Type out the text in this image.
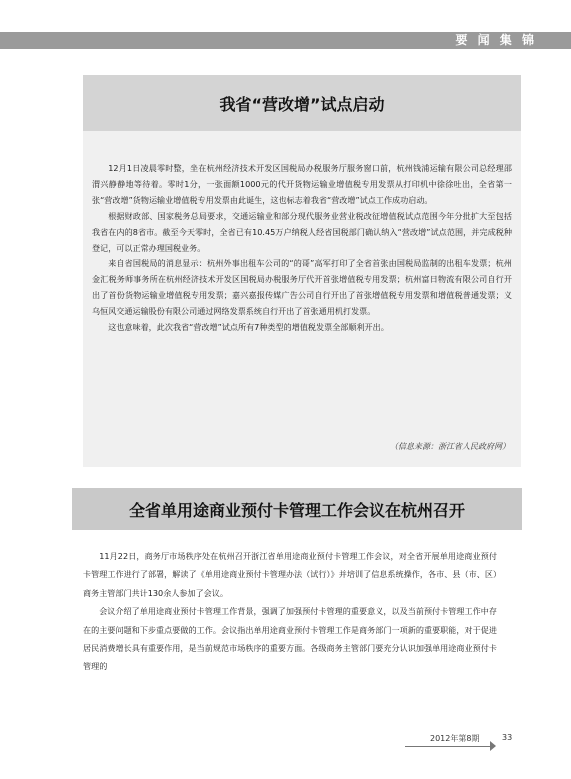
要 闻 集 锦
我省“营改增”试点启动

12月1日凌晨零时整，坐在杭州经济技术开发区国税局办税服务厅服务窗口前，杭州钱浦运输有限公司总经理邵渭兴静静地等待着。零时1分，一张面额1000元的代开货物运输业增值税专用发票从打印机中徐徐吐出，全省第一张“营改增”货物运输业增值税专用发票由此诞生，这也标志着我省“营改增”试点工作成功启动。

根据财政部、国家税务总局要求，交通运输业和部分现代服务业营业税改征增值税试点范围今年分批扩大至包括我省在内的8省市。截至今天零时，全省已有10.45万户纳税人经省国税部门确认纳入“营改增”试点范围，并完成税种登记，可以正常办理国税业务。

来自省国税局的消息显示：杭州外事出租车公司的“的哥”高军打印了全省首张由国税局监制的出租车发票；杭州金汇税务师事务所在杭州经济技术开发区国税局办税服务厅代开首张增值税专用发票；杭州富日物流有限公司自行开出了首份货物运输业增值税专用发票；嘉兴嘉报传媒广告公司自行开出了首张增值税专用发票和增值税普通发票；义乌恒风交通运输股份有限公司通过网络发票系统自行开出了首张通用机打发票。

这也意味着，此次我省“营改增”试点所有7种类型的增值税发票全部顺利开出。

（信息来源：浙江省人民政府网）
全省单用途商业预付卡管理工作会议在杭州召开

11月22日，商务厅市场秩序处在杭州召开浙江省单用途商业预付卡管理工作会议，对全省开展单用途商业预付卡管理工作进行了部署，解读了《单用途商业预付卡管理办法（试行）》并培训了信息系统操作，各市、县（市、区）商务主管部门共计130余人参加了会议。

会议介绍了单用途商业预付卡管理工作背景，强调了加强预付卡管理的重要意义，以及当前预付卡管理工作中存在的主要问题和下步重点要做的工作。会议指出单用途商业预付卡管理工作是商务部门一项新的重要职能，对于促进居民消费增长具有重要作用，是当前规范市场秩序的重要方面。各级商务主管部门要充分认识加强单用途商业预付卡管理的

2012年第8期	33
